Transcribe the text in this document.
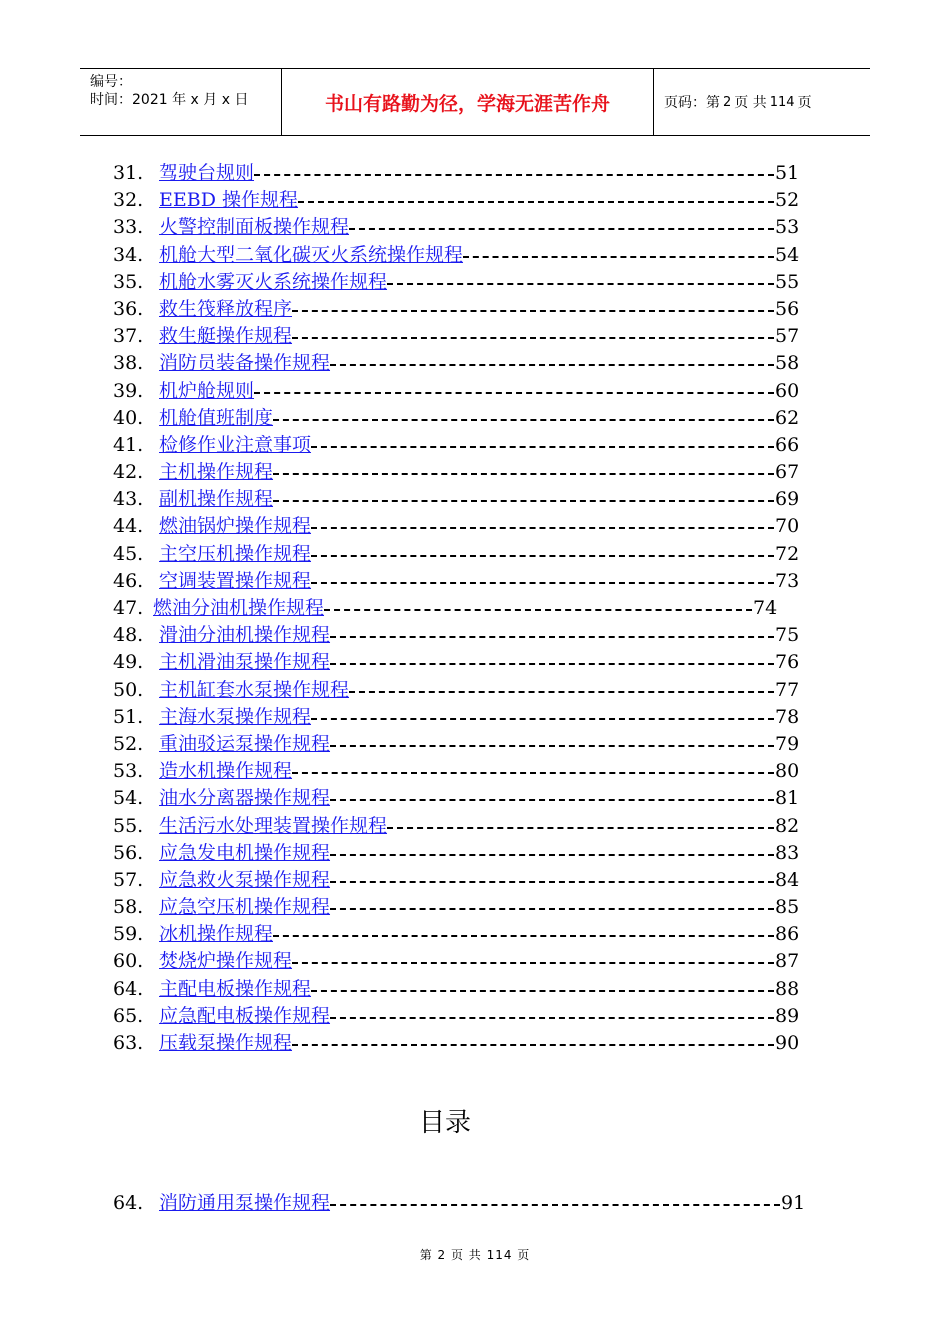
编号：
时间：2021 年 x 月 x 日	书山有路勤为径，学海无涯苦作舟	页码：第 2 页 共 114 页
31. 驾驶台规则	51
32. EEBD 操作规程	52
33. 火警控制面板操作规程	53
34. 机舱大型二氧化碳灭火系统操作规程	54
35. 机舱水雾灭火系统操作规程	55
36. 救生筏释放程序	56
37. 救生艇操作规程	57
38. 消防员装备操作规程	58
39. 机炉舱规则	60
40. 机舱值班制度	62
41. 检修作业注意事项	66
42. 主机操作规程	67
43. 副机操作规程	69
44. 燃油锅炉操作规程	70
45. 主空压机操作规程	72
46. 空调装置操作规程	73
47. 燃油分油机操作规程	74
48. 滑油分油机操作规程	75
49. 主机滑油泵操作规程	76
50. 主机缸套水泵操作规程	77
51. 主海水泵操作规程	78
52. 重油驳运泵操作规程	79
53. 造水机操作规程	80
54. 油水分离器操作规程	81
55. 生活污水处理装置操作规程	82
56. 应急发电机操作规程	83
57. 应急救火泵操作规程	84
58. 应急空压机操作规程	85
59. 冰机操作规程	86
60. 焚烧炉操作规程	87
64. 主配电板操作规程	88
65. 应急配电板操作规程	89
63. 压载泵操作规程	90
目录
64. 消防通用泵操作规程	91
第 2 页 共 114 页
